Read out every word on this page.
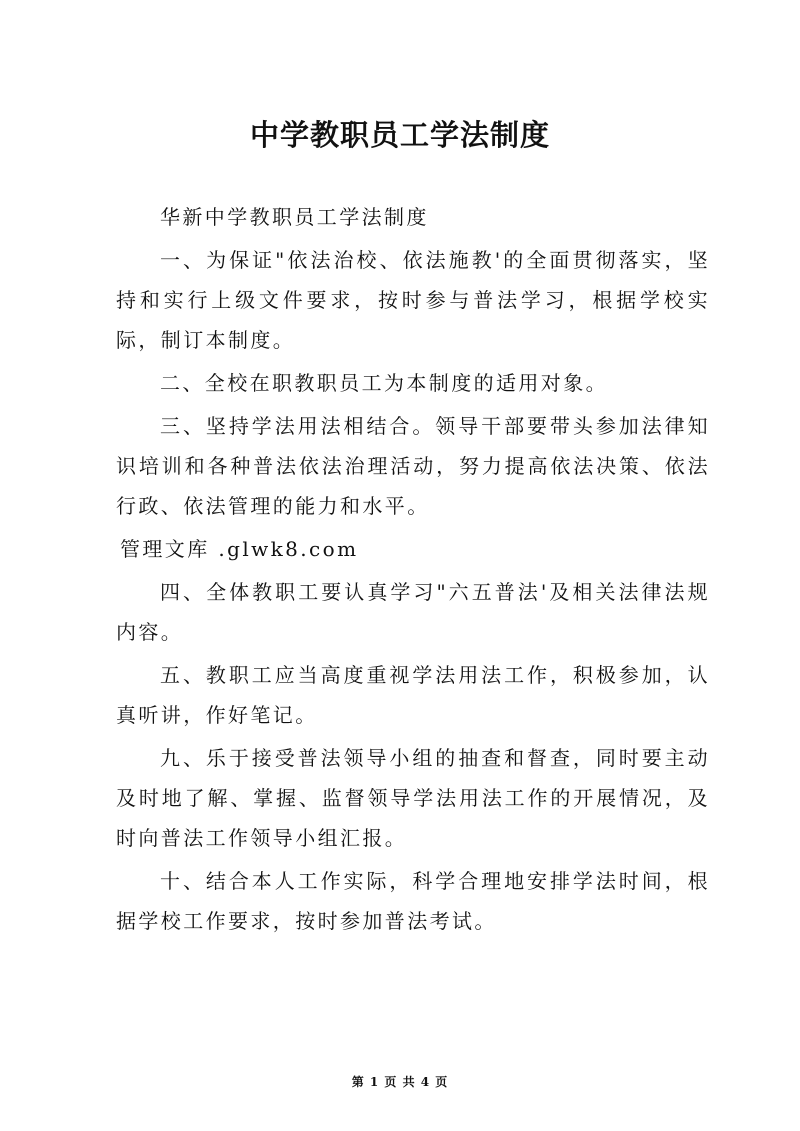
中学教职员工学法制度

华新中学教职员工学法制度

一、为保证"依法治校、依法施教'的全面贯彻落实，坚持和实行上级文件要求，按时参与普法学习，根据学校实际，制订本制度。

二、全校在职教职员工为本制度的适用对象。

三、坚持学法用法相结合。领导干部要带头参加法律知识培训和各种普法依法治理活动，努力提高依法决策、依法行政、依法管理的能力和水平。

管理文库 .glwk8.com

四、全体教职工要认真学习"六五普法'及相关法律法规内容。

五、教职工应当高度重视学法用法工作，积极参加，认真听讲，作好笔记。

九、乐于接受普法领导小组的抽查和督查，同时要主动及时地了解、掌握、监督领导学法用法工作的开展情况，及时向普法工作领导小组汇报。

十、结合本人工作实际，科学合理地安排学法时间，根据学校工作要求，按时参加普法考试。

第 1 页 共 4 页
